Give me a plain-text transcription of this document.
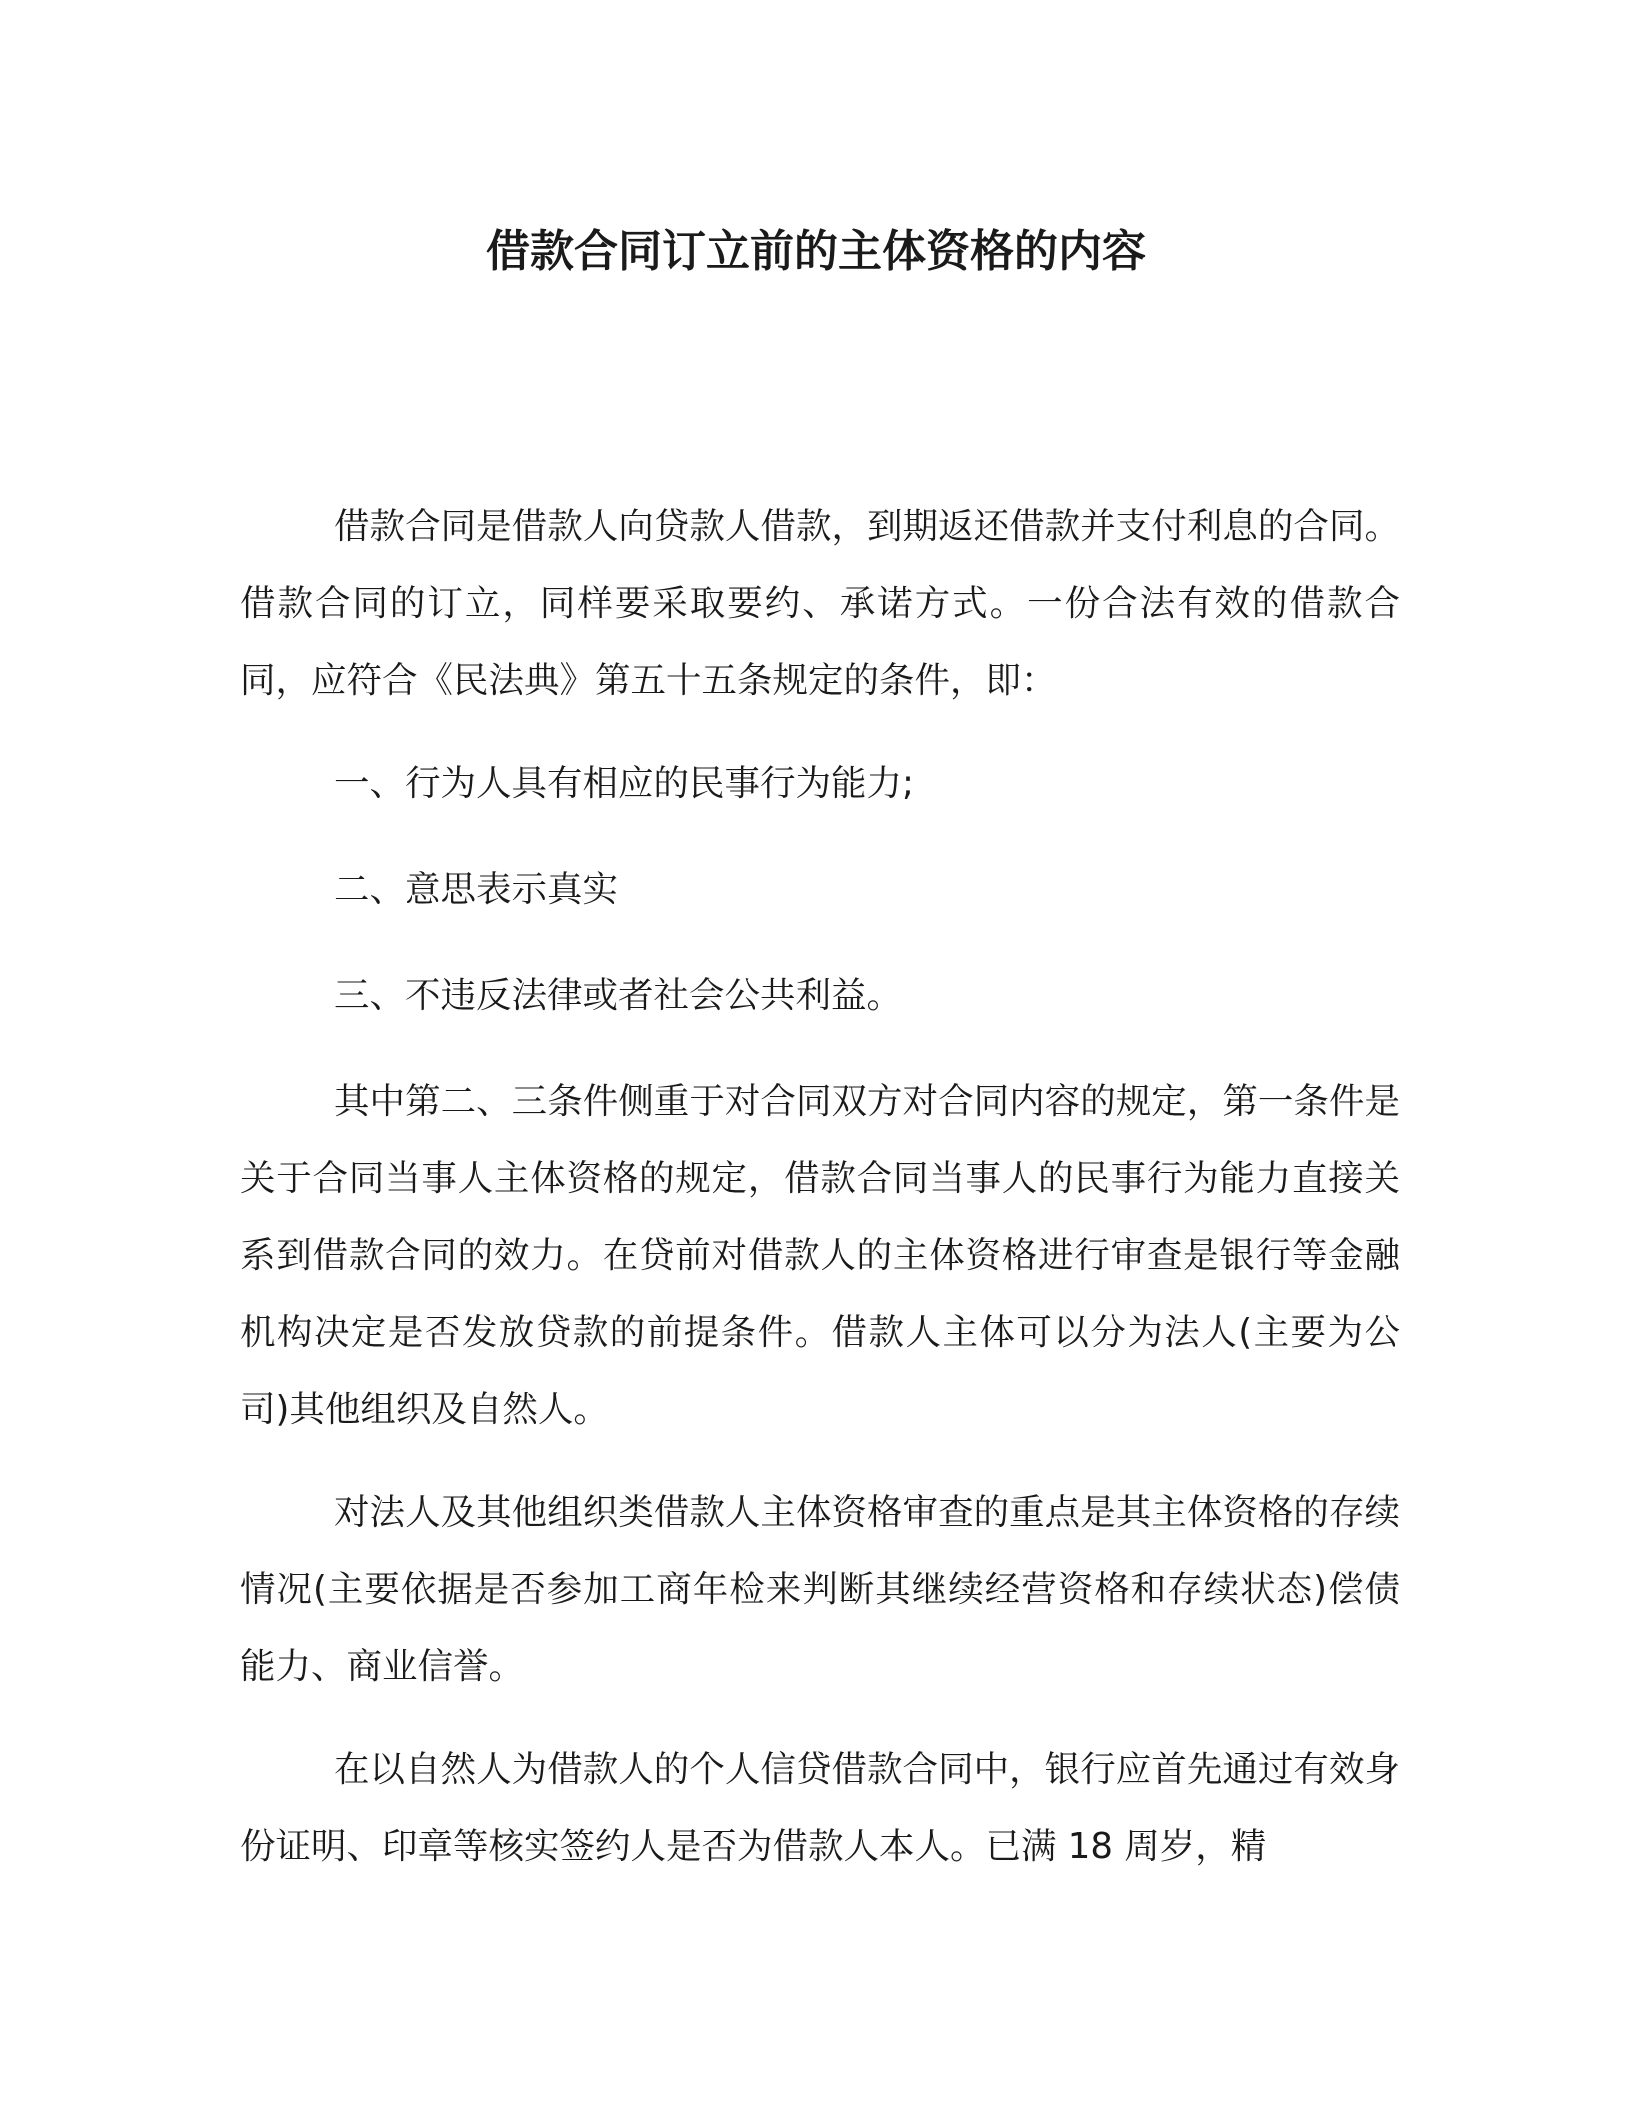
借款合同订立前的主体资格的内容

借款合同是借款人向贷款人借款，到期返还借款并支付利息的合同。借款合同的订立，同样要采取要约、承诺方式。一份合法有效的借款合同，应符合《民法典》第五十五条规定的条件，即：

一、行为人具有相应的民事行为能力;

二、意思表示真实

三、不违反法律或者社会公共利益。

其中第二、三条件侧重于对合同双方对合同内容的规定，第一条件是关于合同当事人主体资格的规定，借款合同当事人的民事行为能力直接关系到借款合同的效力。在贷前对借款人的主体资格进行审查是银行等金融机构决定是否发放贷款的前提条件。借款人主体可以分为法人(主要为公司)其他组织及自然人。

对法人及其他组织类借款人主体资格审查的重点是其主体资格的存续情况(主要依据是否参加工商年检来判断其继续经营资格和存续状态)偿债能力、商业信誉。

在以自然人为借款人的个人信贷借款合同中，银行应首先通过有效身份证明、印章等核实签约人是否为借款人本人。已满 18 周岁，精
